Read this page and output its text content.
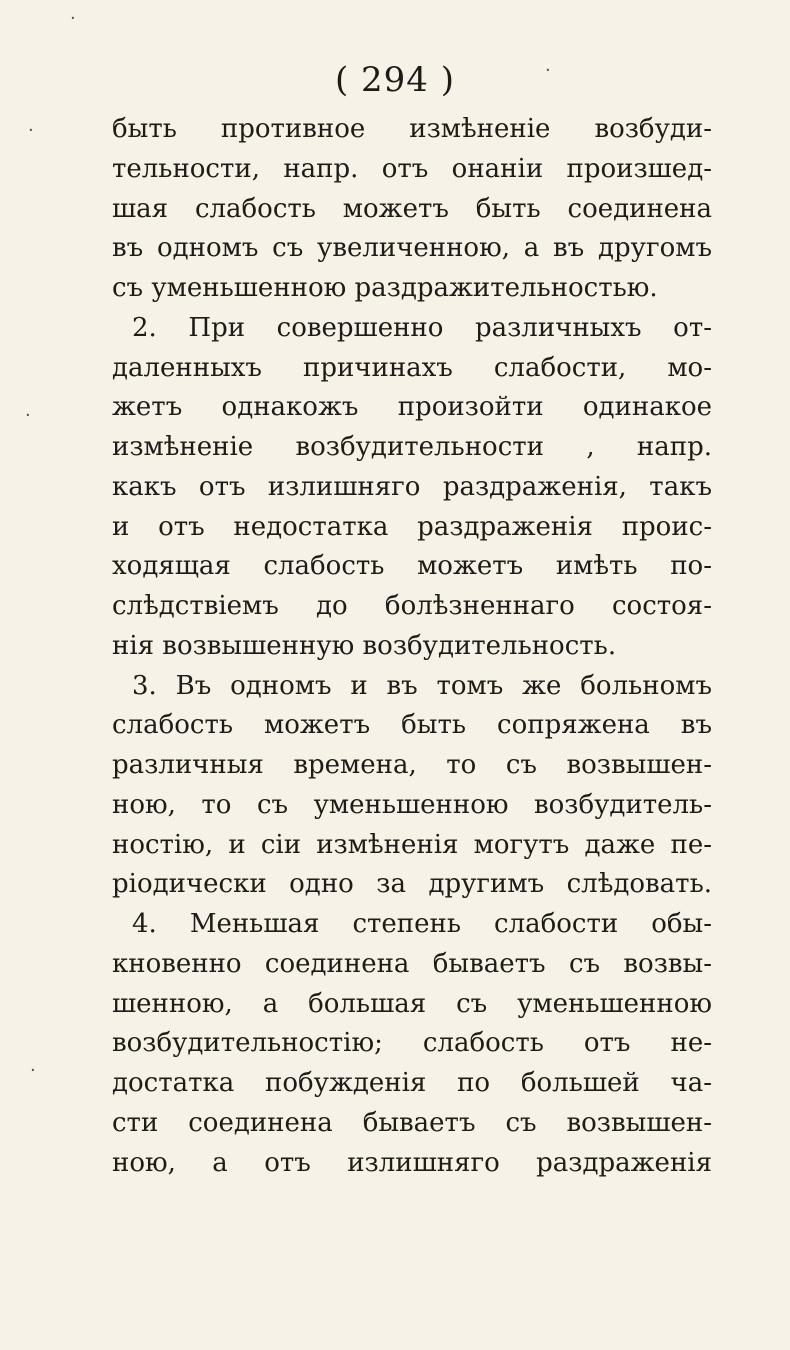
( 294 )
быть противное измѣненіе возбуди-
тельности, напр. отъ онаніи произшед-
шая слабость можетъ быть соединена
въ одномъ съ увеличенною, а въ другомъ
съ уменьшенною раздражительностью.
2. При совершенно различныхъ от-
даленныхъ причинахъ слабости, мо-
жетъ однакожъ произойти одинакое
измѣненіе возбудительности , напр.
какъ отъ излишняго раздраженія, такъ
и отъ недостатка раздраженія проис-
ходящая слабость можетъ имѣть по-
слѣдствіемъ до болѣзненнаго состоя-
нія возвышенную возбудительность.
3. Въ одномъ и въ томъ же больномъ
слабость можетъ быть сопряжена въ
различныя времена, то съ возвышен-
ною, то съ уменьшенною возбудитель-
ностію, и сіи измѣненія могутъ даже пе-
ріодически одно за другимъ слѣдовать.
4. Меньшая степень слабости обы-
кновенно соединена бываетъ съ возвы-
шенною, а большая съ уменьшенною
возбудительностію; слабость отъ не-
достатка побужденія по большей ча-
сти соединена бываетъ съ возвышен-
ною, а отъ излишняго раздраженія
·
·
·
·
·
